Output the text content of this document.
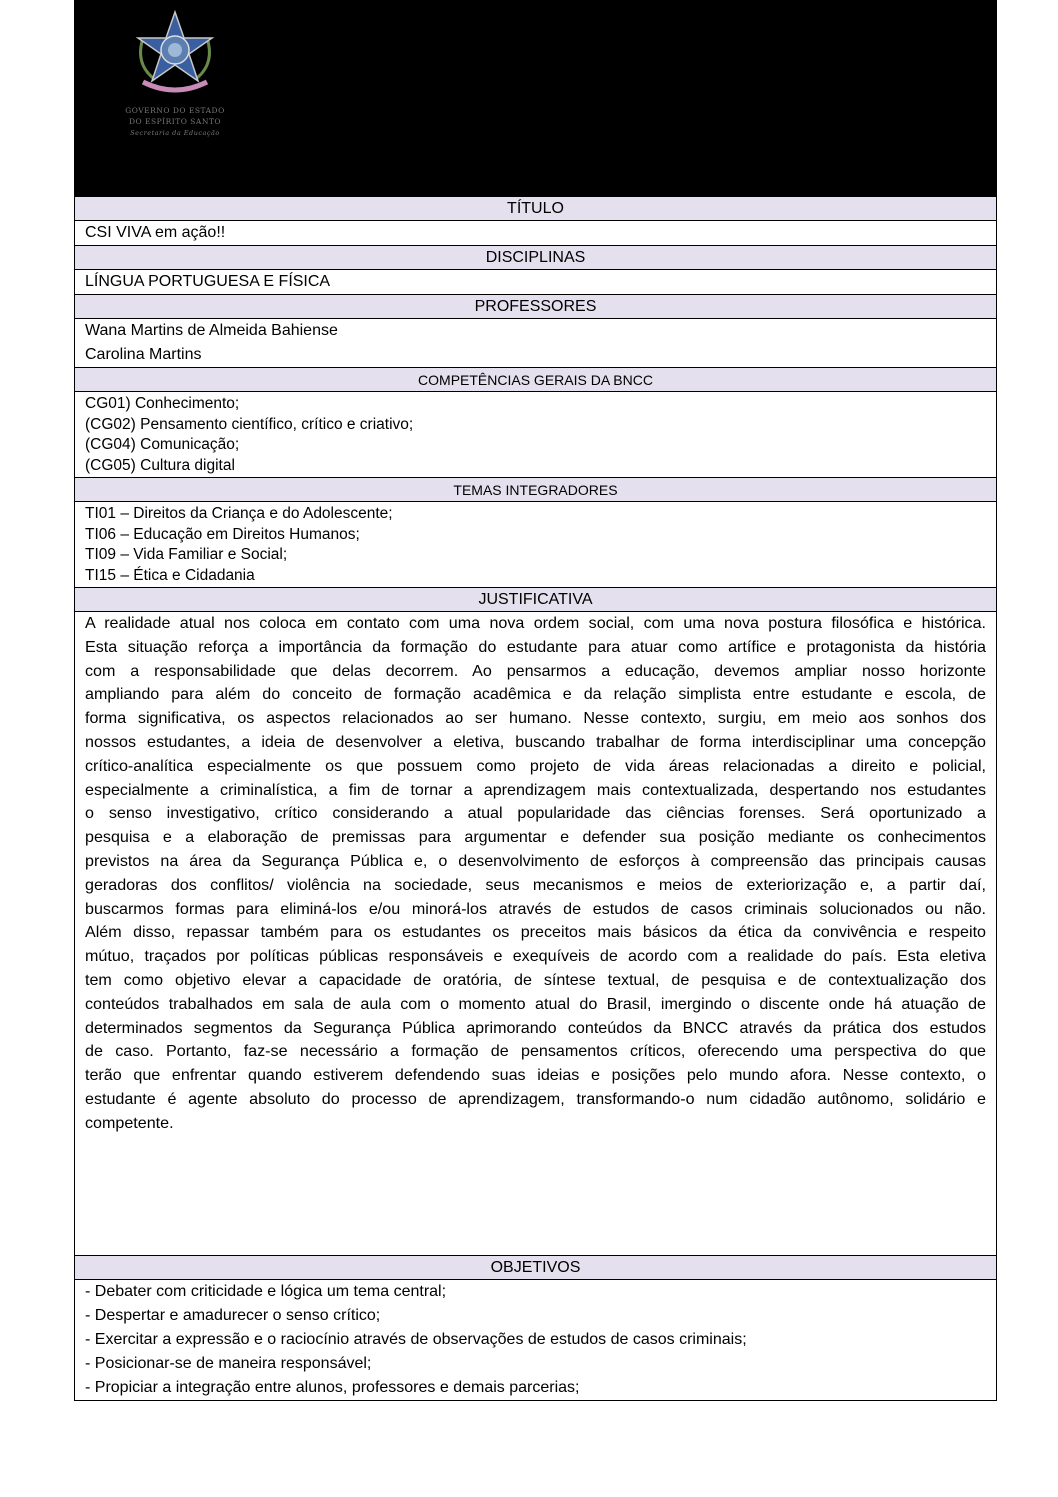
GOVERNO DO ESTADO
DO ESPÍRITO SANTO
Secretaria da Educação
TÍTULO
CSI VIVA em ação!!
DISCIPLINAS
LÍNGUA PORTUGUESA E FÍSICA
PROFESSORES
Wana Martins de Almeida Bahiense
Carolina Martins
COMPETÊNCIAS GERAIS DA BNCC
CG01) Conhecimento;
(CG02) Pensamento científico, crítico e criativo;
(CG04) Comunicação;
(CG05) Cultura digital
TEMAS INTEGRADORES
TI01 – Direitos da Criança e do Adolescente;
TI06 – Educação em Direitos Humanos;
TI09 – Vida Familiar e Social;
TI15 – Ética e Cidadania
JUSTIFICATIVA
A realidade atual nos coloca em contato com uma nova ordem social, com uma nova postura filosófica e histórica.
Esta situação reforça a importância da formação do estudante para atuar como artífice e protagonista da história
com a responsabilidade que delas decorrem. Ao pensarmos a educação, devemos ampliar nosso horizonte
ampliando para além do conceito de formação acadêmica e da relação simplista entre estudante e escola, de
forma significativa, os aspectos relacionados ao ser humano. Nesse contexto, surgiu, em meio aos sonhos dos
nossos estudantes, a ideia de desenvolver a eletiva, buscando trabalhar de forma interdisciplinar uma concepção
crítico-analítica especialmente os que possuem como projeto de vida áreas relacionadas a direito e policial,
especialmente a criminalística, a fim de tornar a aprendizagem mais contextualizada, despertando nos estudantes
o senso investigativo, crítico considerando a atual popularidade das ciências forenses. Será oportunizado a
pesquisa e a elaboração de premissas para argumentar e defender sua posição mediante os conhecimentos
previstos na área da Segurança Pública e, o desenvolvimento de esforços à compreensão das principais causas
geradoras dos conflitos/ violência na sociedade, seus mecanismos e meios de exteriorização e, a partir daí,
buscarmos formas para eliminá-los e/ou minorá-los através de estudos de casos criminais solucionados ou não.
Além disso, repassar também para os estudantes os preceitos mais básicos da ética da convivência e respeito
mútuo, traçados por políticas públicas responsáveis e exequíveis de acordo com a realidade do país. Esta eletiva
tem como objetivo elevar a capacidade de oratória, de síntese textual, de pesquisa e de contextualização dos
conteúdos trabalhados em sala de aula com o momento atual do Brasil, imergindo o discente onde há atuação de
determinados segmentos da Segurança Pública aprimorando conteúdos da BNCC através da prática dos estudos
de caso. Portanto, faz-se necessário a formação de pensamentos críticos, oferecendo uma perspectiva do que
terão que enfrentar quando estiverem defendendo suas ideias e posições pelo mundo afora. Nesse contexto, o
estudante é agente absoluto do processo de aprendizagem, transformando-o num cidadão autônomo, solidário e
competente.
OBJETIVOS
- Debater com criticidade e lógica um tema central;
- Despertar e amadurecer o senso crítico;
- Exercitar a expressão e o raciocínio através de observações de estudos de casos criminais;
- Posicionar-se de maneira responsável;
- Propiciar a integração entre alunos, professores e demais parcerias;
